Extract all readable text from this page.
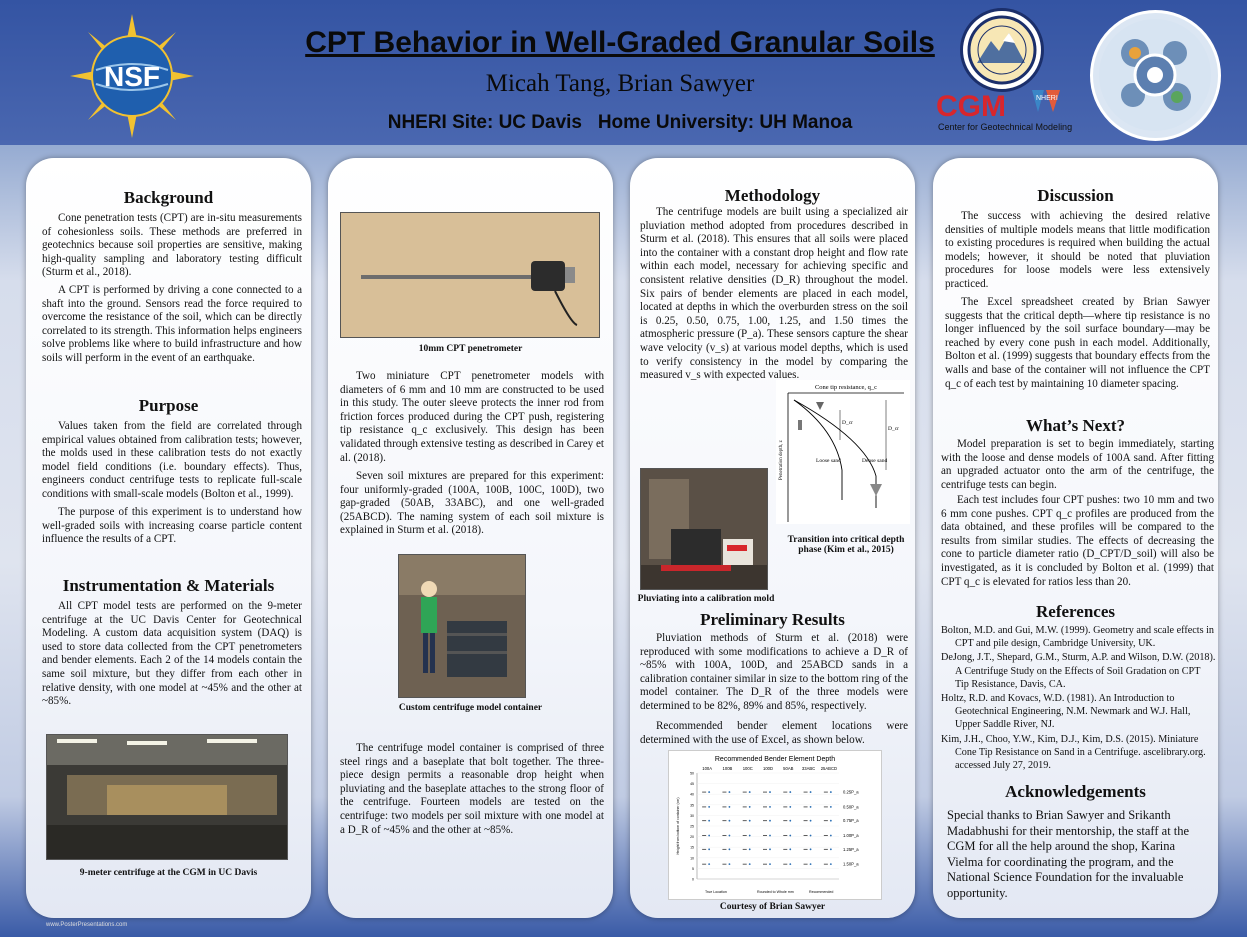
NSF
CPT Behavior in Well-Graded Granular Soils
Micah Tang, Brian Sawyer
NHERI Site: UC Davis   Home University: UH Manoa	CGM	NHERI
Center for Geotechnical Modeling
Background

Cone penetration tests (CPT) are in-situ measurements of cohesionless soils. These methods are preferred in geotechnics because soil properties are sensitive, making high-quality sampling and laboratory testing difficult (Sturm et al., 2018).

A CPT is performed by driving a cone connected to a shaft into the ground. Sensors read the force required to overcome the resistance of the soil, which can be directly correlated to its strength. This information helps engineers solve problems like where to build infrastructure and how soils will perform in the event of an earthquake.

Purpose

Values taken from the field are correlated through empirical values obtained from calibration tests; however, the molds used in these calibration tests do not exactly model field conditions (i.e. boundary effects). Thus, engineers conduct centrifuge tests to replicate full-scale conditions with small-scale models (Bolton et al., 1999).

The purpose of this experiment is to understand how well-graded soils with increasing coarse particle content influence the results of a CPT.

Instrumentation & Materials

All CPT model tests are performed on the 9-meter centrifuge at the UC Davis Center for Geotechnical Modeling. A custom data acquisition system (DAQ) is used to store data collected from the CPT penetrometers and bender elements. Each 2 of the 14 models contain the same soil mixture, but they differ from each other in relative density, with one model at ~45% and the other at ~85%.

9-meter centrifuge at the CGM in UC Davis
10mm CPT penetrometer

Two miniature CPT penetrometer models with diameters of 6 mm and 10 mm are constructed to be used in this study. The outer sleeve protects the inner rod from friction forces produced during the CPT push, registering tip resistance q_c exclusively. This design has been validated through extensive testing as described in Carey et al. (2018).

Seven soil mixtures are prepared for this experiment: four uniformly-graded (100A, 100B, 100C, 100D), two gap-graded (50AB, 33ABC), and one well-graded (25ABCD). The naming system of each soil mixture is explained in Sturm et al. (2018).

Custom centrifuge model container

The centrifuge model container is comprised of three steel rings and a baseplate that bolt together. The three-piece design permits a reasonable drop height when pluviating and the baseplate attaches to the strong floor of the centrifuge. Fourteen models are tested on the centrifuge: two models per soil mixture with one model at a D_R of ~45% and the other at ~85%.

Methodology

The centrifuge models are built using a specialized air pluviation method adopted from procedures described in Sturm et al. (2018). This ensures that all soils were placed into the container with a constant drop height and flow rate within each model, necessary for achieving specific and consistent relative densities (D_R) throughout the model. Six pairs of bender elements are placed in each model, located at depths in which the overburden stress on the soil is 0.25, 0.50, 0.75, 1.00, 1.25, and 1.50 times the atmospheric pressure (P_a). These sensors capture the shear wave velocity (v_s) at various model depths, which is used to verify consistency in the model by comparing the measured v_s with expected values.

Pluviating into a calibration mold
Cone tip resistance, q_c
D_cr
D_cr
Penetration depth, z	Loose sand	Dense sand
Transition into critical depth phase (Kim et al., 2015)
Preliminary Results

Pluviation methods of Sturm et al. (2018) were reproduced with some modifications to achieve a D_R of ~85% with 100A, 100D, and 25ABCD sands in a calibration container similar in size to the bottom ring of the model container. The D_R of the three models were determined to be 82%, 89% and 85%, respectively.

Recommended bender element locations were determined with the use of Excel, as shown below.

Recommended Bender Element Depth
0
5
10
15
20
25
30
35
40
45
50
Height from bottom of container (cm)
100A	100B 100C 100D 50AB 33ABC 25ABCD
0.25P_a
0.50P_a
0.75P_a
1.00P_a
1.25P_a
1.50P_a
True Location	Rounded to Whole mm	Recommended
Courtesy of Brian Sawyer
Discussion

The success with achieving the desired relative densities of multiple models means that little modification to existing procedures is required when building the actual models; however, it should be noted that pluviation procedures for loose models were less extensively practiced.

The Excel spreadsheet created by Brian Sawyer suggests that the critical depth—where tip resistance is no longer influenced by the soil surface boundary—may be reached by every cone push in each model. Additionally, Bolton et al. (1999) suggests that boundary effects from the walls and base of the container will not influence the CPT q_c of each test by maintaining 10 diameter spacing.

What’s Next?

Model preparation is set to begin immediately, starting with the loose and dense models of 100A sand. After fitting an upgraded actuator onto the arm of the centrifuge, the centrifuge tests can begin.

Each test includes four CPT pushes: two 10 mm and two 6 mm cone pushes. CPT q_c profiles are produced from the data obtained, and these profiles will be compared to the results from similar studies. The effects of decreasing the cone to particle diameter ratio (D_CPT/D_soil) will also be investigated, as it is concluded by Bolton et al. (1999) that CPT q_c is elevated for ratios less than 20.

References
Bolton, M.D. and Gui, M.W. (1999). Geometry and scale effects in CPT and pile design, Cambridge University, UK.
DeJong, J.T., Shepard, G.M., Sturm, A.P. and Wilson, D.W. (2018). A Centrifuge Study on the Effects of Soil Gradation on CPT Tip Resistance, Davis, CA.
Holtz, R.D. and Kovacs, W.D. (1981). An Introduction to Geotechnical Engineering, N.M. Newmark and W.J. Hall, Upper Saddle River, NJ.
Kim, J.H., Choo, Y.W., Kim, D.J., Kim, D.S. (2015). Miniature Cone Tip Resistance on Sand in a Centrifuge. ascelibrary.org. accessed July 27, 2019.
Acknowledgements

Special thanks to Brian Sawyer and Srikanth Madabhushi for their mentorship, the staff at the CGM for all the help around the shop, Karina Vielma for coordinating the program, and the National Science Foundation for the invaluable opportunity.

www.PosterPresentations.com
